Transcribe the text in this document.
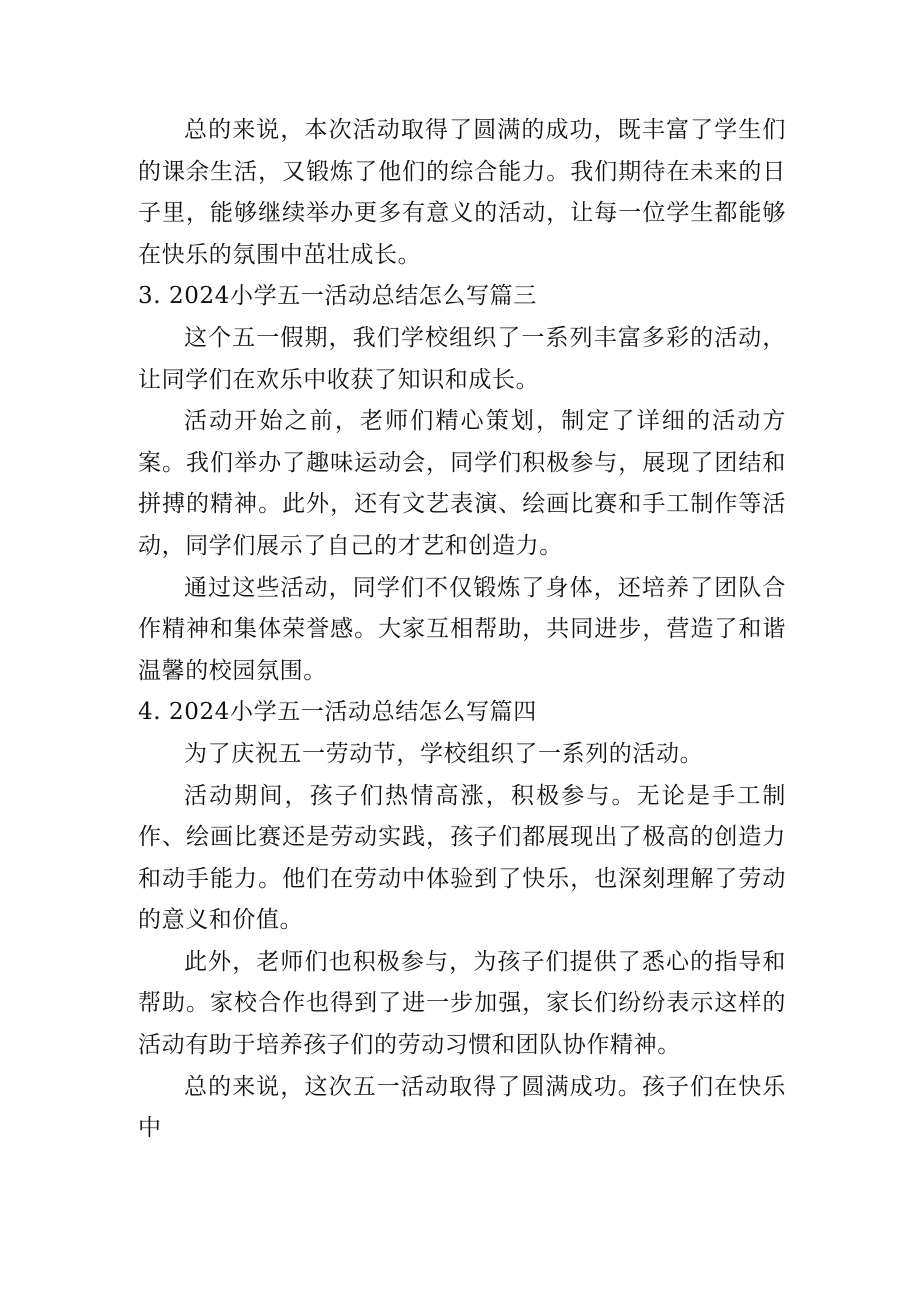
总的来说，本次活动取得了圆满的成功，既丰富了学生们的课余生活，又锻炼了他们的综合能力。我们期待在未来的日子里，能够继续举办更多有意义的活动，让每一位学生都能够在快乐的氛围中茁壮成长。

3. 2024小学五一活动总结怎么写篇三

这个五一假期，我们学校组织了一系列丰富多彩的活动，让同学们在欢乐中收获了知识和成长。

活动开始之前，老师们精心策划，制定了详细的活动方案。我们举办了趣味运动会，同学们积极参与，展现了团结和拼搏的精神。此外，还有文艺表演、绘画比赛和手工制作等活动，同学们展示了自己的才艺和创造力。

通过这些活动，同学们不仅锻炼了身体，还培养了团队合作精神和集体荣誉感。大家互相帮助，共同进步，营造了和谐温馨的校园氛围。

4. 2024小学五一活动总结怎么写篇四

为了庆祝五一劳动节，学校组织了一系列的活动。

活动期间，孩子们热情高涨，积极参与。无论是手工制作、绘画比赛还是劳动实践，孩子们都展现出了极高的创造力和动手能力。他们在劳动中体验到了快乐，也深刻理解了劳动的意义和价值。

此外，老师们也积极参与，为孩子们提供了悉心的指导和帮助。家校合作也得到了进一步加强，家长们纷纷表示这样的活动有助于培养孩子们的劳动习惯和团队协作精神。

总的来说，这次五一活动取得了圆满成功。孩子们在快乐中
